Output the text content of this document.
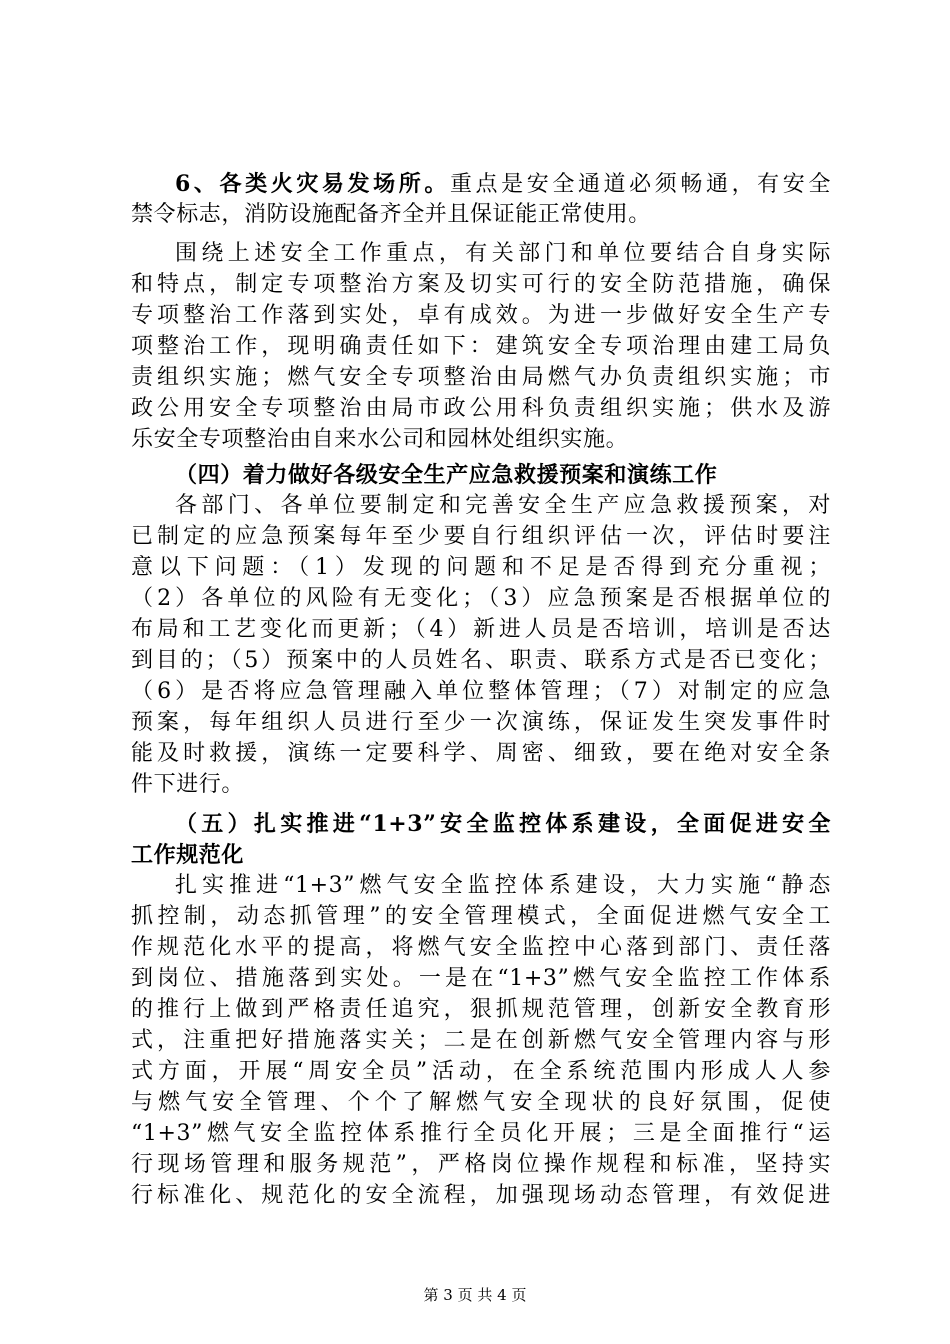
6、各类火灾易发场所。重点是安全通道必须畅通，有安全
禁令标志，消防设施配备齐全并且保证能正常使用。
围绕上述安全工作重点，有关部门和单位要结合自身实际
和特点，制定专项整治方案及切实可行的安全防范措施，确保
专项整治工作落到实处，卓有成效。为进一步做好安全生产专
项整治工作，现明确责任如下：建筑安全专项治理由建工局负
责组织实施；燃气安全专项整治由局燃气办负责组织实施；市
政公用安全专项整治由局市政公用科负责组织实施；供水及游
乐安全专项整治由自来水公司和园林处组织实施。
（四）着力做好各级安全生产应急救援预案和演练工作
各部门、各单位要制定和完善安全生产应急救援预案，对
已制定的应急预案每年至少要自行组织评估一次，评估时要注
意以下问题：（1）发现的问题和不足是否得到充分重视；
（2）各单位的风险有无变化；（3）应急预案是否根据单位的
布局和工艺变化而更新；（4）新进人员是否培训，培训是否达
到目的；（5）预案中的人员姓名、职责、联系方式是否已变化；
（6）是否将应急管理融入单位整体管理；（7）对制定的应急
预案，每年组织人员进行至少一次演练，保证发生突发事件时
能及时救援，演练一定要科学、周密、细致，要在绝对安全条
件下进行。
（五）扎实推进“1+3”安全监控体系建设，全面促进安全
工作规范化
扎实推进“1+3”燃气安全监控体系建设，大力实施“静态
抓控制，动态抓管理”的安全管理模式，全面促进燃气安全工
作规范化水平的提高，将燃气安全监控中心落到部门、责任落
到岗位、措施落到实处。一是在“1+3”燃气安全监控工作体系
的推行上做到严格责任追究，狠抓规范管理，创新安全教育形
式，注重把好措施落实关；二是在创新燃气安全管理内容与形
式方面，开展“周安全员”活动，在全系统范围内形成人人参
与燃气安全管理、个个了解燃气安全现状的良好氛围，促使
“1+3”燃气安全监控体系推行全员化开展；三是全面推行“运
行现场管理和服务规范”，严格岗位操作规程和标准，坚持实
行标准化、规范化的安全流程，加强现场动态管理，有效促进
第 3 页 共 4 页
